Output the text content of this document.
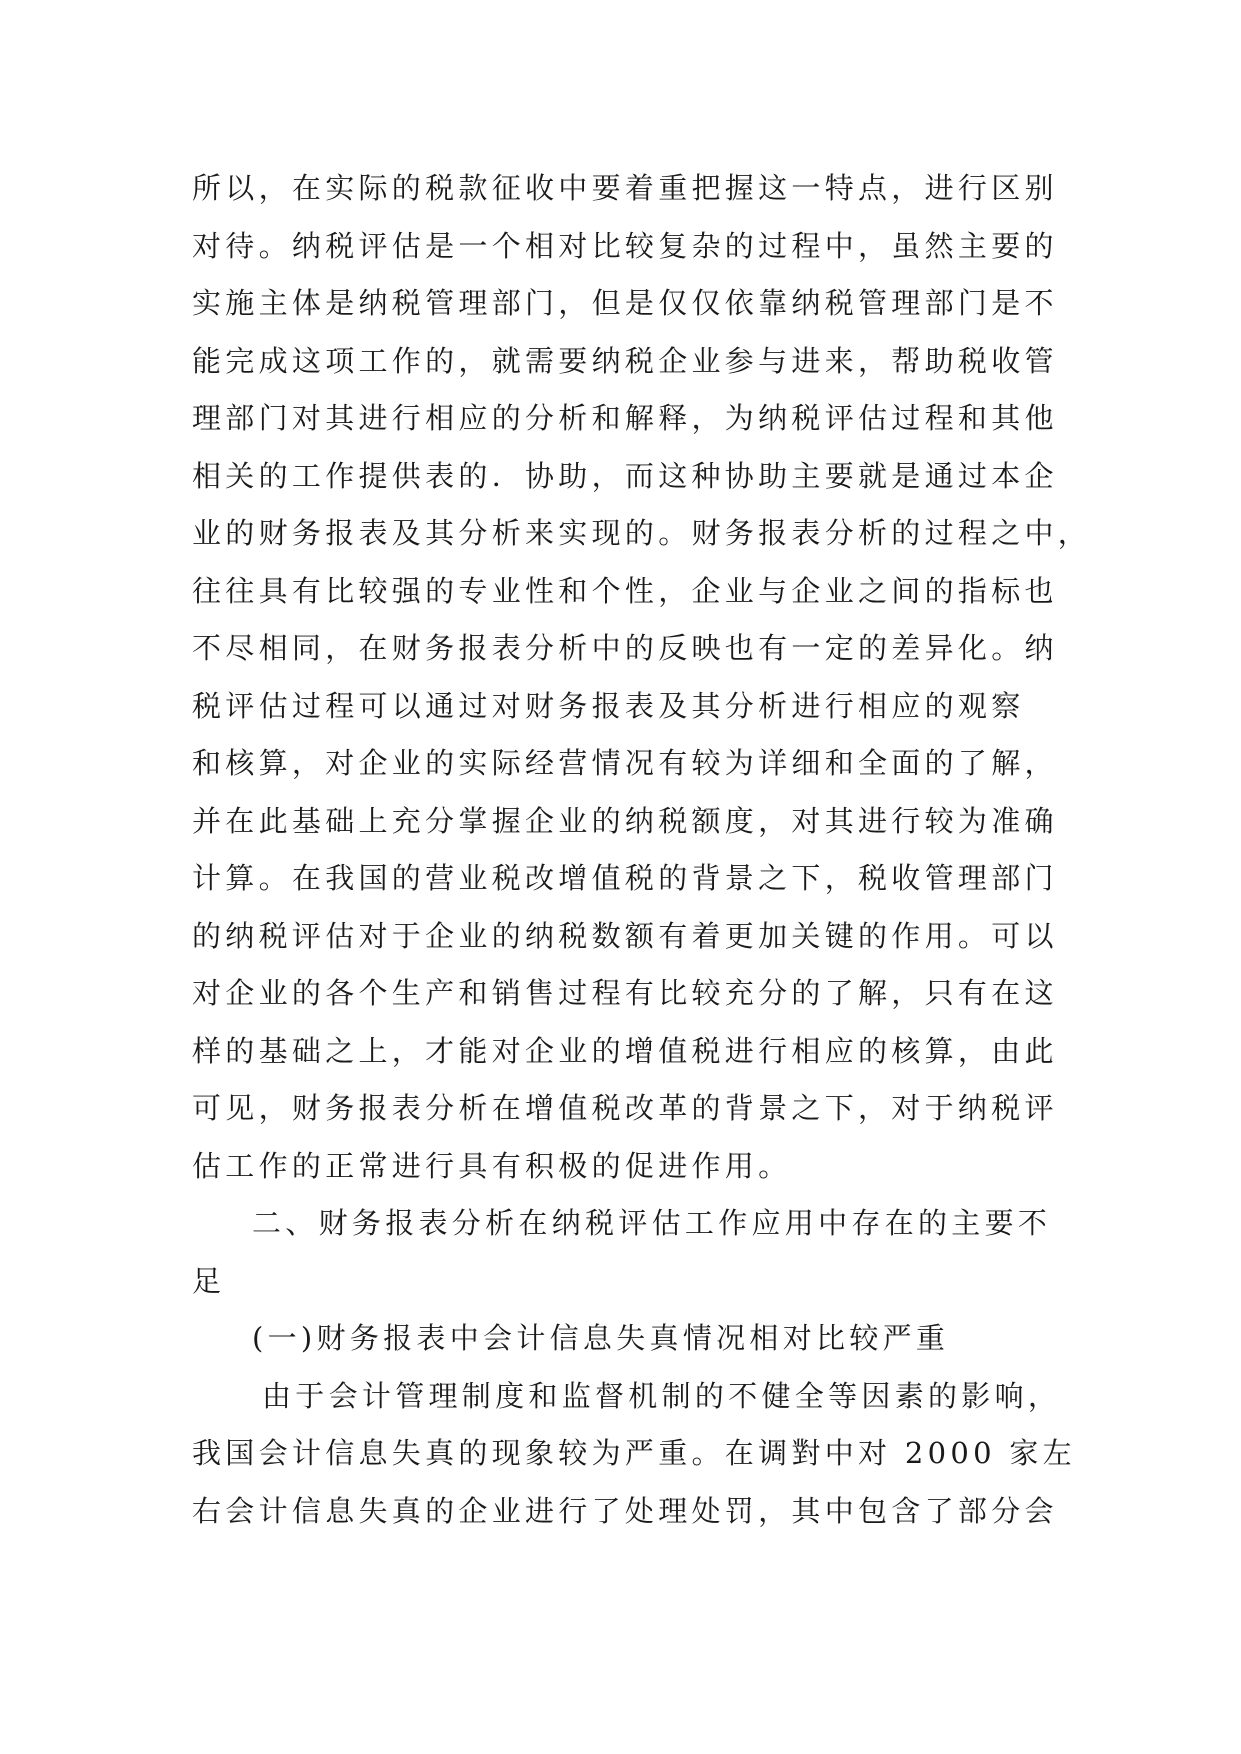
所以，在实际的税款征收中要着重把握这一特点，进行区别
对待。纳税评估是一个相对比较复杂的过程中，虽然主要的
实施主体是纳税管理部门，但是仅仅依靠纳税管理部门是不
能完成这项工作的，就需要纳税企业参与进来，帮助税收管
理部门对其进行相应的分析和解释，为纳税评估过程和其他
相关的工作提供表的．协助，而这种协助主要就是通过本企
业的财务报表及其分析来实现的。财务报表分析的过程之中，
往往具有比较强的专业性和个性，企业与企业之间的指标也
不尽相同，在财务报表分析中的反映也有一定的差异化。纳
税评估过程可以通过对财务报表及其分析进行相应的观察
和核算，对企业的实际经营情况有较为详细和全面的了解，
并在此基础上充分掌握企业的纳税额度，对其进行较为准确
计算。在我国的营业税改增值税的背景之下，税收管理部门
的纳税评估对于企业的纳税数额有着更加关键的作用。可以
对企业的各个生产和销售过程有比较充分的了解，只有在这
样的基础之上，才能对企业的增值税进行相应的核算，由此
可见，财务报表分析在增值税改革的背景之下，对于纳税评
估工作的正常进行具有积极的促进作用。
二、财务报表分析在纳税评估工作应用中存在的主要不
足
(一)财务报表中会计信息失真情况相对比较严重
由于会计管理制度和监督机制的不健全等因素的影响，
我国会计信息失真的现象较为严重。在调對中对 2000 家左
右会计信息失真的企业进行了处理处罚，其中包含了部分会
